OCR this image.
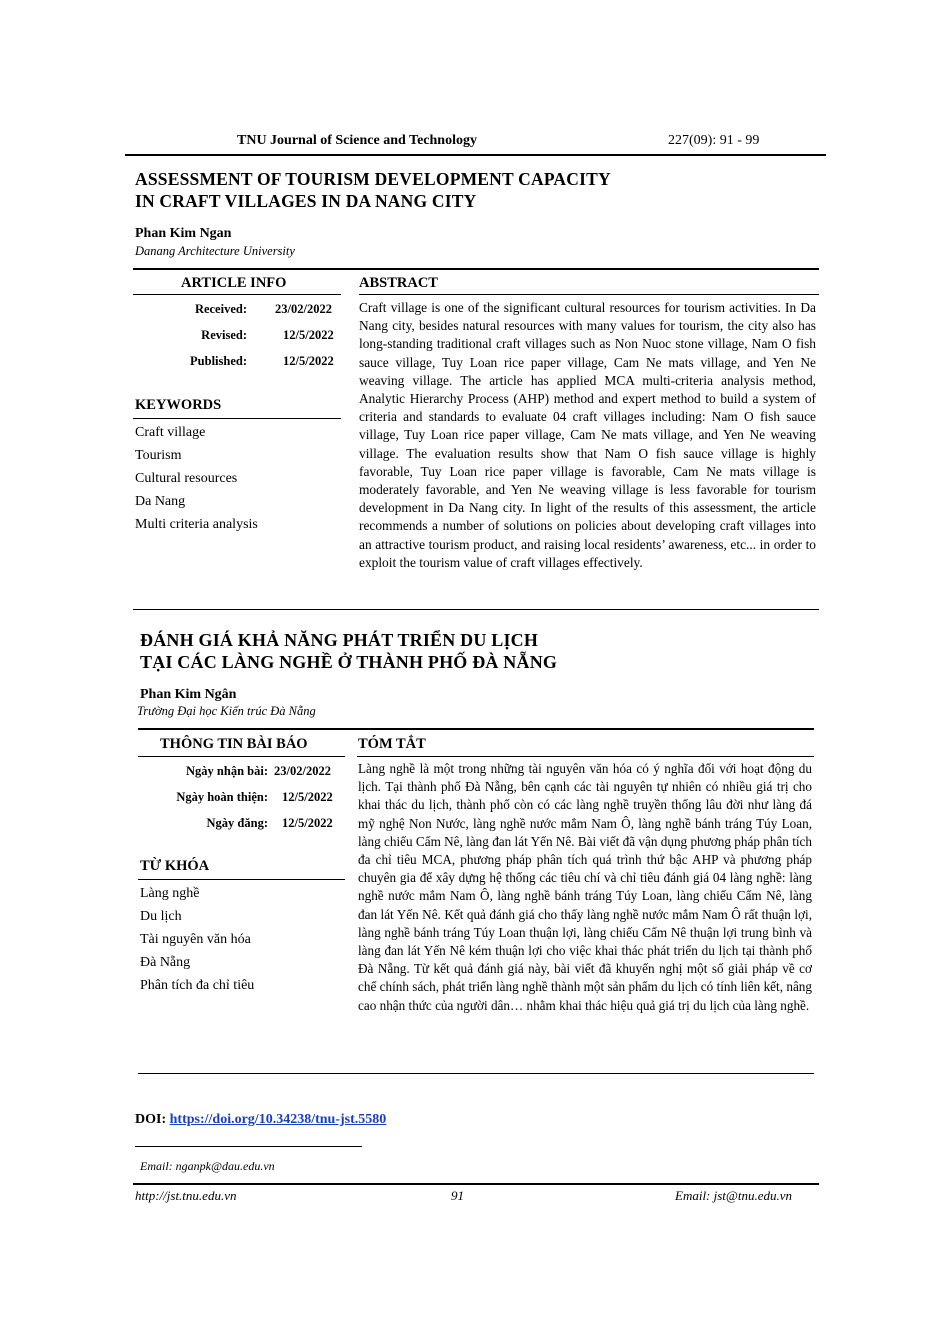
TNU Journal of Science and Technology	227(09): 91 - 99
ASSESSMENT OF TOURISM DEVELOPMENT CAPACITY
IN CRAFT VILLAGES IN DA NANG CITY
Phan Kim Ngan
Danang Architecture University
ARTICLE INFO	ABSTRACT
Received: 23/02/2022
Revised:	12/5/2022
Published:	12/5/2022
KEYWORDS
Craft village
Tourism
Cultural resources
Da Nang
Multi criteria analysis
Craft village is one of the significant cultural resources for tourism activities. In Da Nang city, besides natural resources with many values for tourism, the city also has long-standing traditional craft villages such as Non Nuoc stone village, Nam O fish sauce village, Tuy Loan rice paper village, Cam Ne mats village, and Yen Ne weaving village. The article has applied MCA multi-criteria analysis method, Analytic Hierarchy Process (AHP) method and expert method to build a system of criteria and standards to evaluate 04 craft villages including: Nam O fish sauce village, Tuy Loan rice paper village, Cam Ne mats village, and Yen Ne weaving village. The evaluation results show that Nam O fish sauce village is highly favorable, Tuy Loan rice paper village is favorable, Cam Ne mats village is moderately favorable, and Yen Ne weaving village is less favorable for tourism development in Da Nang city. In light of the results of this assessment, the article recommends a number of solutions on policies about developing craft villages into an attractive tourism product, and raising local residents’ awareness, etc... in order to exploit the tourism value of craft villages effectively.
ĐÁNH GIÁ KHẢ NĂNG PHÁT TRIỂN DU LỊCH
TẠI CÁC LÀNG NGHỀ Ở THÀNH PHỐ ĐÀ NẴNG
Phan Kim Ngân
Trường Đại học Kiến trúc Đà Nẵng
THÔNG TIN BÀI BÁO	TÓM TẮT
Ngày nhận bài: 23/02/2022
Ngày hoàn thiện: 12/5/2022
Ngày đăng: 12/5/2022
TỪ KHÓA
Làng nghề
Du lịch
Tài nguyên văn hóa
Đà Nẵng
Phân tích đa chỉ tiêu
Làng nghề là một trong những tài nguyên văn hóa có ý nghĩa đối với hoạt động du lịch. Tại thành phố Đà Nẵng, bên cạnh các tài nguyên tự nhiên có nhiều giá trị cho khai thác du lịch, thành phố còn có các làng nghề truyền thống lâu đời như làng đá mỹ nghệ Non Nước, làng nghề nước mắm Nam Ô, làng nghề bánh tráng Túy Loan, làng chiếu Cẩm Nê, làng đan lát Yến Nê. Bài viết đã vận dụng phương pháp phân tích đa chỉ tiêu MCA, phương pháp phân tích quá trình thứ bậc AHP và phương pháp chuyên gia để xây dựng hệ thống các tiêu chí và chỉ tiêu đánh giá 04 làng nghề: làng nghề nước mắm Nam Ô, làng nghề bánh tráng Túy Loan, làng chiếu Cẩm Nê, làng đan lát Yến Nê. Kết quả đánh giá cho thấy làng nghề nước mắm Nam Ô rất thuận lợi, làng nghề bánh tráng Túy Loan thuận lợi, làng chiếu Cẩm Nê thuận lợi trung bình và làng đan lát Yến Nê kém thuận lợi cho việc khai thác phát triển du lịch tại thành phố Đà Nẵng. Từ kết quả đánh giá này, bài viết đã khuyến nghị một số giải pháp về cơ chế chính sách, phát triển làng nghề thành một sản phẩm du lịch có tính liên kết, nâng cao nhận thức của người dân… nhằm khai thác hiệu quả giá trị du lịch của làng nghề.
DOI: https://doi.org/10.34238/tnu-jst.5580
Email: nganpk@dau.edu.vn
http://jst.tnu.edu.vn	91	Email: jst@tnu.edu.vn
